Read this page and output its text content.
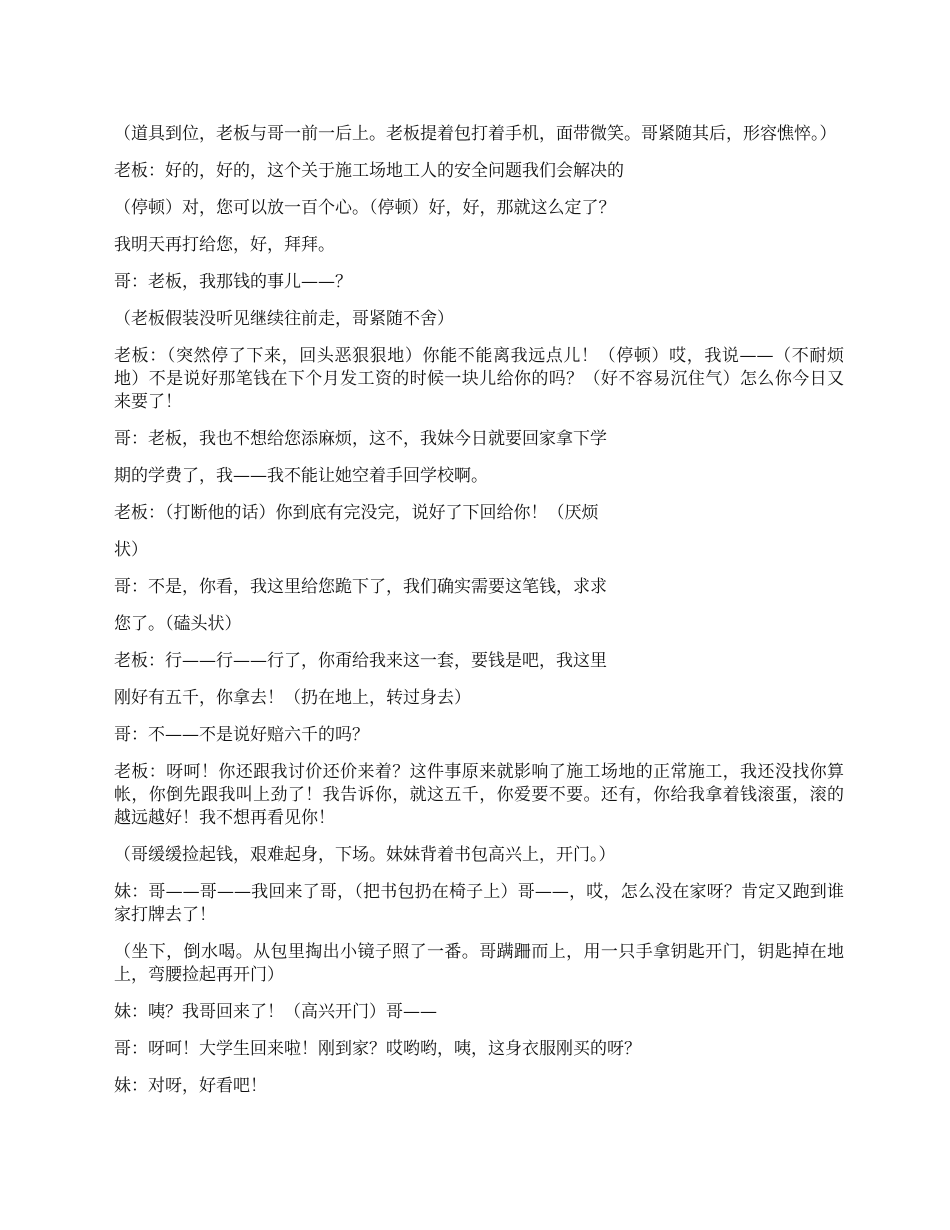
（道具到位，老板与哥一前一后上。老板提着包打着手机，面带微笑。哥紧随其后，形容憔悴。）

老板：好的，好的，这个关于施工场地工人的安全问题我们会解决的

（停顿）对，您可以放一百个心。（停顿）好，好，那就这么定了？

我明天再打给您，好，拜拜。

哥：老板，我那钱的事儿——？

（老板假装没听见继续往前走，哥紧随不舍）

老板：（突然停了下来，回头恶狠狠地）你能不能离我远点儿！（停顿）哎，我说——（不耐烦地）不是说好那笔钱在下个月发工资的时候一块儿给你的吗？（好不容易沉住气）怎么你今日又来要了！

哥：老板，我也不想给您添麻烦，这不，我妹今日就要回家拿下学

期的学费了，我——我不能让她空着手回学校啊。

老板：（打断他的话）你到底有完没完，说好了下回给你！（厌烦

状）

哥：不是，你看，我这里给您跪下了，我们确实需要这笔钱，求求

您了。（磕头状）

老板：行——行——行了，你甭给我来这一套，要钱是吧，我这里

刚好有五千，你拿去！（扔在地上，转过身去）

哥：不——不是说好赔六千的吗？

老板：呀呵！你还跟我讨价还价来着？这件事原来就影响了施工场地的正常施工，我还没找你算帐，你倒先跟我叫上劲了！我告诉你，就这五千，你爱要不要。还有，你给我拿着钱滚蛋，滚的越远越好！我不想再看见你！

（哥缓缓捡起钱，艰难起身，下场。妹妹背着书包高兴上，开门。）

妹：哥——哥——我回来了哥，（把书包扔在椅子上）哥——，哎，怎么没在家呀？肯定又跑到谁家打牌去了！

（坐下，倒水喝。从包里掏出小镜子照了一番。哥蹒跚而上，用一只手拿钥匙开门，钥匙掉在地上，弯腰捡起再开门）

妹：咦？我哥回来了！（高兴开门）哥——

哥：呀呵！大学生回来啦！刚到家？哎哟哟，咦，这身衣服刚买的呀？

妹：对呀，好看吧！
